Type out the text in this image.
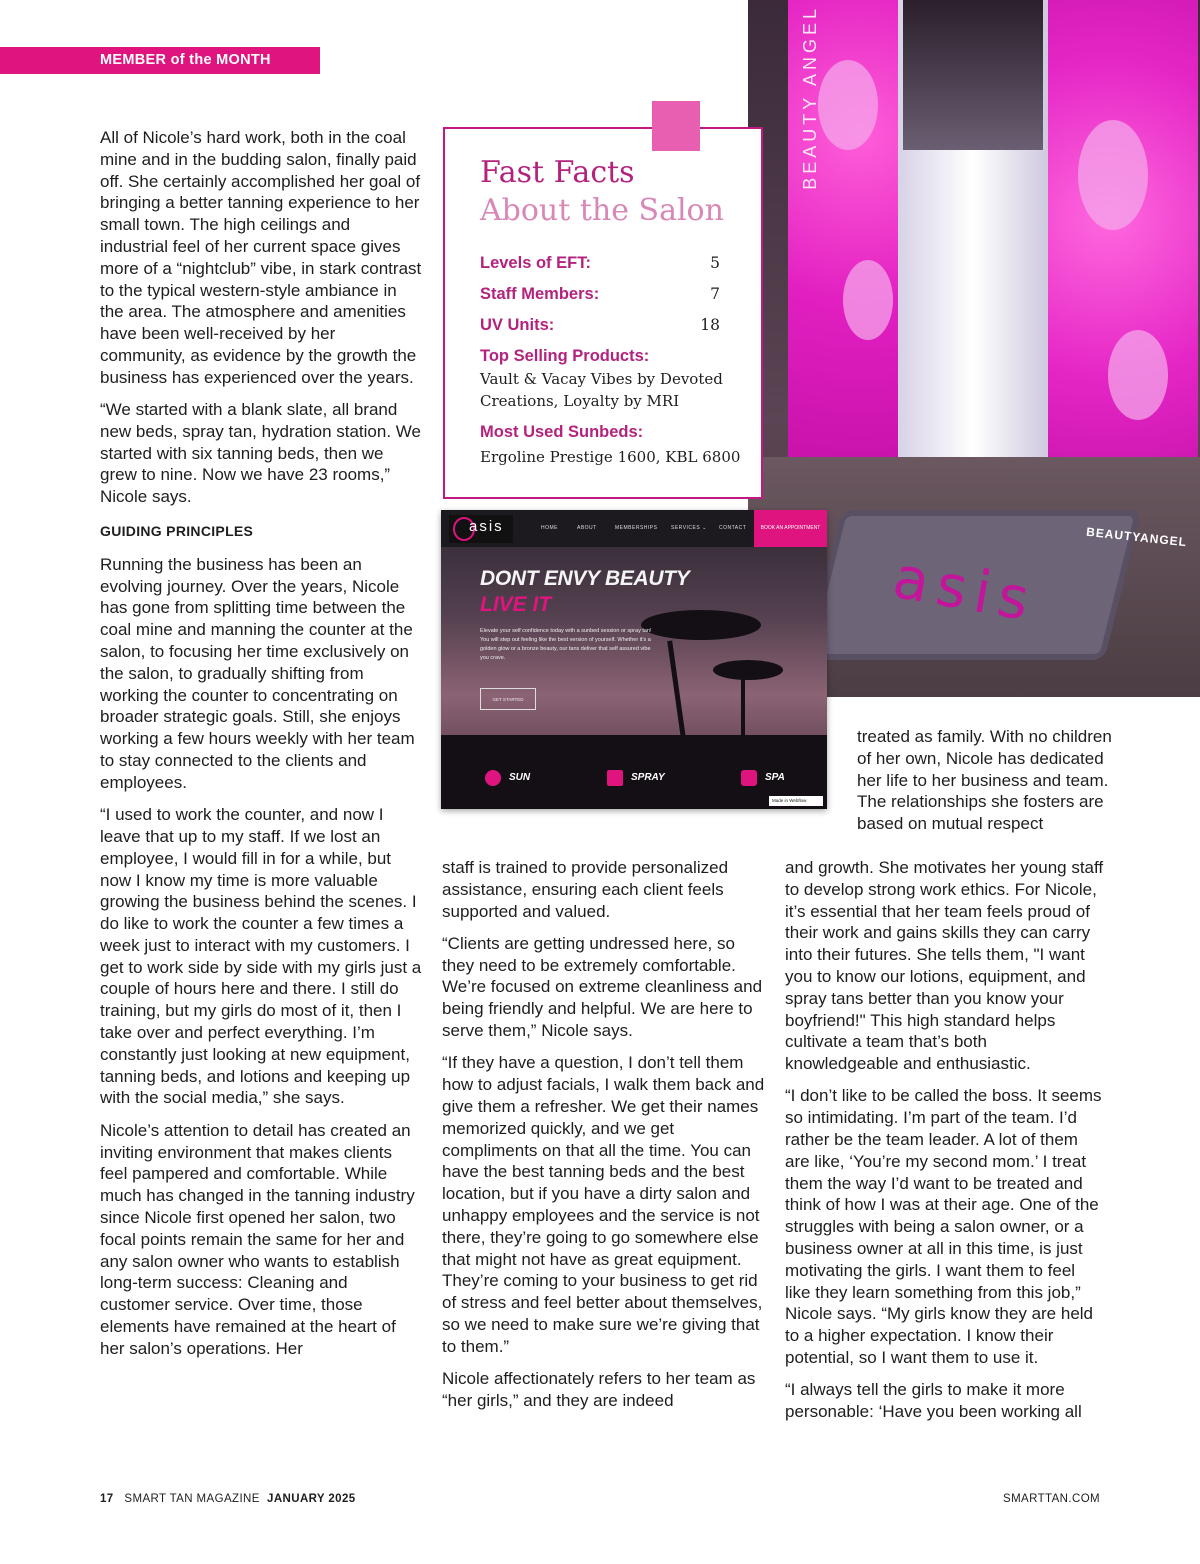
MEMBER of the MONTH

All of Nicole’s hard work, both in the coal mine and in the budding salon, finally paid off. She certainly accomplished her goal of bringing a better tanning experience to her small town. The high ceilings and industrial feel of her current space gives more of a “nightclub” vibe, in stark contrast to the typical western-style ambiance in the area. The atmosphere and amenities have been well-received by her community, as evidence by the growth the business has experienced over the years.

“We started with a blank slate, all brand new beds, spray tan, hydration station. We started with six tanning beds, then we grew to nine. Now we have 23 rooms,” Nicole says.

GUIDING PRINCIPLES

Running the business has been an evolving journey. Over the years, Nicole has gone from splitting time between the coal mine and manning the counter at the salon, to focusing her time exclusively on the salon, to gradually shifting from working the counter to concentrating on broader strategic goals. Still, she enjoys working a few hours weekly with her team to stay connected to the clients and employees.

“I used to work the counter, and now I leave that up to my staff. If we lost an employee, I would fill in for a while, but now I know my time is more valuable growing the business behind the scenes. I do like to work the counter a few times a week just to interact with my customers. I get to work side by side with my girls just a couple of hours here and there. I still do training, but my girls do most of it, then I take over and perfect everything. I’m constantly just looking at new equipment, tanning beds, and lotions and keeping up with the social media,” she says.

Nicole’s attention to detail has created an inviting environment that makes clients feel pampered and comfortable. While much has changed in the tanning industry since Nicole first opened her salon, two focal points remain the same for her and any salon owner who wants to establish long-term success: Cleaning and customer service. Over time, those elements have remained at the heart of her salon’s operations. Her

asis
BEAUTY ANGEL
BEAUTYANGEL
Fast Facts
About the Salon
Levels of EFT:	5
Staff Members:	7
UV Units:	18
Top Selling Products:
Vault & Vacay Vibes by Devoted Creations, Loyalty by MRI
Most Used Sunbeds:
Ergoline Prestige 1600, KBL 6800
asis	HOME	ABOUT	MEMBERSHIPS	SERVICES ⌄ CONTACT	BOOK AN APPOINTMENT
DONT ENVY BEAUTY
LIVE IT
Elevate your self confidence today with a sunbed session or spray tan! You will step out feeling like the best version of yourself. Whether it's a golden glow or a bronze beauty, our tans deliver that self assured vibe you crave.
GET STARTED
SUN	SPRAY	SPA
Made in Webflow

treated as family. With no children of her own, Nicole has dedicated her life to her business and team. The relationships she fosters are based on mutual respect

staff is trained to provide personalized assistance, ensuring each client feels supported and valued.

“Clients are getting undressed here, so they need to be extremely comfortable. We’re focused on extreme cleanliness and being friendly and helpful. We are here to serve them,” Nicole says.

“If they have a question, I don’t tell them how to adjust facials, I walk them back and give them a refresher. We get their names memorized quickly, and we get compliments on that all the time. You can have the best tanning beds and the best location, but if you have a dirty salon and unhappy employees and the service is not there, they’re going to go somewhere else that might not have as great equipment. They’re coming to your business to get rid of stress and feel better about themselves, so we need to make sure we’re giving that to them.”

Nicole affectionately refers to her team as “her girls,” and they are indeed

and growth. She motivates her young staff to develop strong work ethics. For Nicole, it’s essential that her team feels proud of their work and gains skills they can carry into their futures. She tells them, "I want you to know our lotions, equipment, and spray tans better than you know your boyfriend!" This high standard helps cultivate a team that’s both knowledgeable and enthusiastic.

“I don’t like to be called the boss. It seems so intimidating. I’m part of the team. I’d rather be the team leader. A lot of them are like, ‘You’re my second mom.’ I treat them the way I’d want to be treated and think of how I was at their age. One of the struggles with being a salon owner, or a business owner at all in this time, is just motivating the girls. I want them to feel like they learn something from this job,” Nicole says. “My girls know they are held to a higher expectation. I know their potential, so I want them to use it.

“I always tell the girls to make it more personable: ‘Have you been working all

17 SMART TAN MAGAZINE JANUARY 2025	SMARTTAN.COM
